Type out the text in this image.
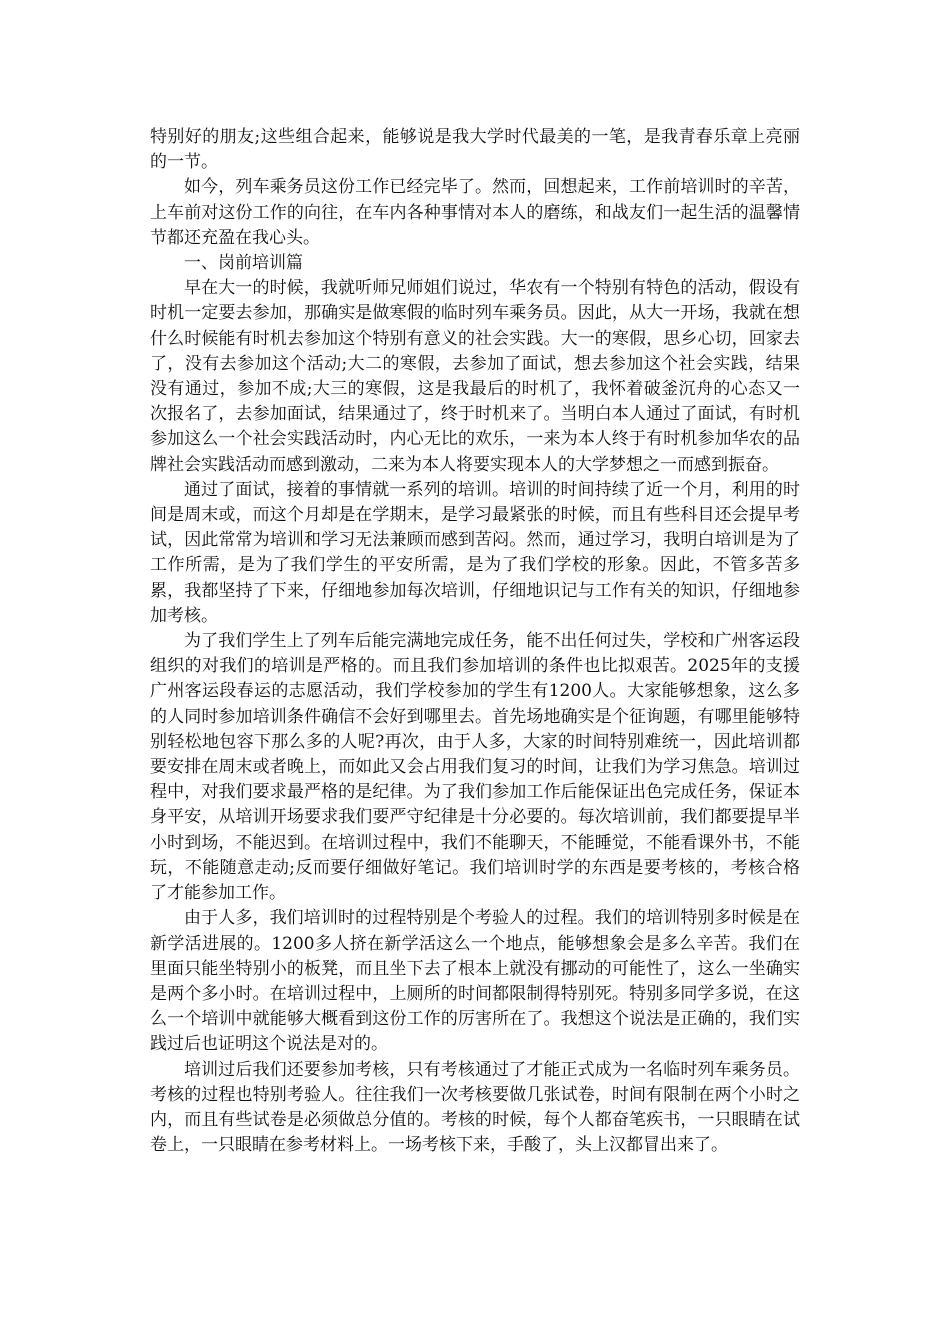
特别好的朋友;这些组合起来，能够说是我大学时代最美的一笔，是我青春乐章上亮丽的一节。

如今，列车乘务员这份工作已经完毕了。然而，回想起来，工作前培训时的辛苦，上车前对这份工作的向往，在车内各种事情对本人的磨练，和战友们一起生活的温馨情节都还充盈在我心头。

一、岗前培训篇

早在大一的时候，我就听师兄师姐们说过，华农有一个特别有特色的活动，假设有时机一定要去参加，那确实是做寒假的临时列车乘务员。因此，从大一开场，我就在想什么时候能有时机去参加这个特别有意义的社会实践。大一的寒假，思乡心切，回家去了，没有去参加这个活动;大二的寒假，去参加了面试，想去参加这个社会实践，结果没有通过，参加不成;大三的寒假，这是我最后的时机了，我怀着破釜沉舟的心态又一次报名了，去参加面试，结果通过了，终于时机来了。当明白本人通过了面试，有时机参加这么一个社会实践活动时，内心无比的欢乐，一来为本人终于有时机参加华农的品牌社会实践活动而感到激动，二来为本人将要实现本人的大学梦想之一而感到振奋。

通过了面试，接着的事情就一系列的培训。培训的时间持续了近一个月，利用的时间是周末或，而这个月却是在学期末，是学习最紧张的时候，而且有些科目还会提早考试，因此常常为培训和学习无法兼顾而感到苦闷。然而，通过学习，我明白培训是为了工作所需，是为了我们学生的平安所需，是为了我们学校的形象。因此，不管多苦多累，我都坚持了下来，仔细地参加每次培训，仔细地识记与工作有关的知识，仔细地参加考核。

为了我们学生上了列车后能完满地完成任务，能不出任何过失，学校和广州客运段组织的对我们的培训是严格的。而且我们参加培训的条件也比拟艰苦。2025年的支援广州客运段春运的志愿活动，我们学校参加的学生有1200人。大家能够想象，这么多的人同时参加培训条件确信不会好到哪里去。首先场地确实是个征询题，有哪里能够特别轻松地包容下那么多的人呢?再次，由于人多，大家的时间特别难统一，因此培训都要安排在周末或者晚上，而如此又会占用我们复习的时间，让我们为学习焦急。培训过程中，对我们要求最严格的是纪律。为了我们参加工作后能保证出色完成任务，保证本身平安，从培训开场要求我们要严守纪律是十分必要的。每次培训前，我们都要提早半小时到场，不能迟到。在培训过程中，我们不能聊天，不能睡觉，不能看课外书，不能玩，不能随意走动;反而要仔细做好笔记。我们培训时学的东西是要考核的，考核合格了才能参加工作。

由于人多，我们培训时的过程特别是个考验人的过程。我们的培训特别多时候是在新学活进展的。1200多人挤在新学活这么一个地点，能够想象会是多么辛苦。我们在里面只能坐特别小的板凳，而且坐下去了根本上就没有挪动的可能性了，这么一坐确实是两个多小时。在培训过程中，上厕所的时间都限制得特别死。特别多同学多说，在这么一个培训中就能够大概看到这份工作的厉害所在了。我想这个说法是正确的，我们实践过后也证明这个说法是对的。

培训过后我们还要参加考核，只有考核通过了才能正式成为一名临时列车乘务员。考核的过程也特别考验人。往往我们一次考核要做几张试卷，时间有限制在两个小时之内，而且有些试卷是必须做总分值的。考核的时候，每个人都奋笔疾书，一只眼睛在试卷上，一只眼睛在参考材料上。一场考核下来，手酸了，头上汉都冒出来了。
